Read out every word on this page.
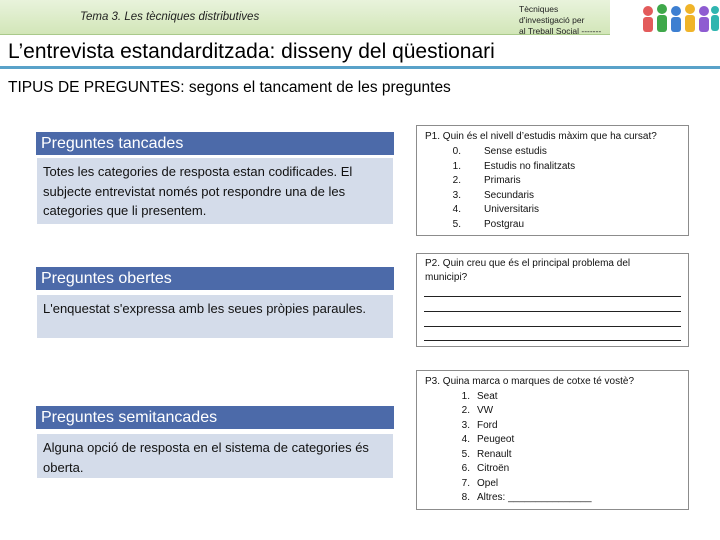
Tema 3. Les tècniques distributives
Tècniques d'investigació per
al Treball Social -------
L’entrevista estandarditzada: disseny del qüestionari
TIPUS DE PREGUNTES: segons el tancament de les preguntes
Preguntes tancades
Totes les categories de resposta estan codificades. El subjecte entrevistat només pot respondre una de les categories que li presentem.
Preguntes obertes
L'enquestat s'expressa amb les seues pròpies paraules.
Preguntes semitancades
Alguna opció de resposta en el sistema de categories és oberta.
P1. Quin és el nivell d’estudis màxim que ha cursat?
0. Sense estudis
1. Estudis no finalitzats
2. Primaris
3. Secundaris
4. Universitaris
5. Postgrau
P2. Quin creu que és el principal problema del
municipi?
P3. Quina marca o marques de cotxe té vostè?
1. Seat
2. VW
3. Ford
4. Peugeot
5. Renault
6. Citroën
7. Opel
8. Altres: _______________
